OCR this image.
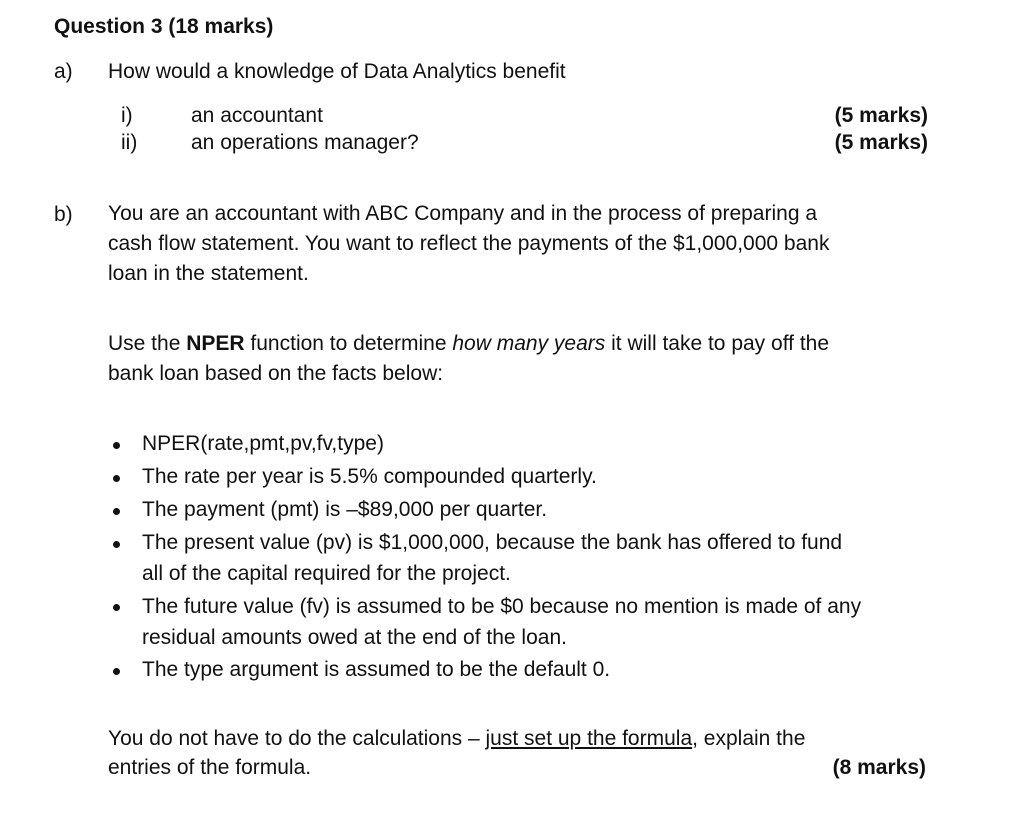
Question 3 (18 marks)
a) How would a knowledge of Data Analytics benefit
i)	an accountant	(5 marks)
ii)	an operations manager?	(5 marks)
b) You are an accountant with ABC Company and in the process of preparing a
cash flow statement. You want to reflect the payments of the $1,000,000 bank
loan in the statement.
Use the NPER function to determine how many years it will take to pay off the
bank loan based on the facts below:
NPER(rate,pmt,pv,fv,type)
The rate per year is 5.5% compounded quarterly.
The payment (pmt) is –$89,000 per quarter.
The present value (pv) is $1,000,000, because the bank has offered to fund
all of the capital required for the project.
The future value (fv) is assumed to be $0 because no mention is made of any
residual amounts owed at the end of the loan.
The type argument is assumed to be the default 0.
You do not have to do the calculations – just set up the formula, explain the
entries of the formula.	(8 marks)
